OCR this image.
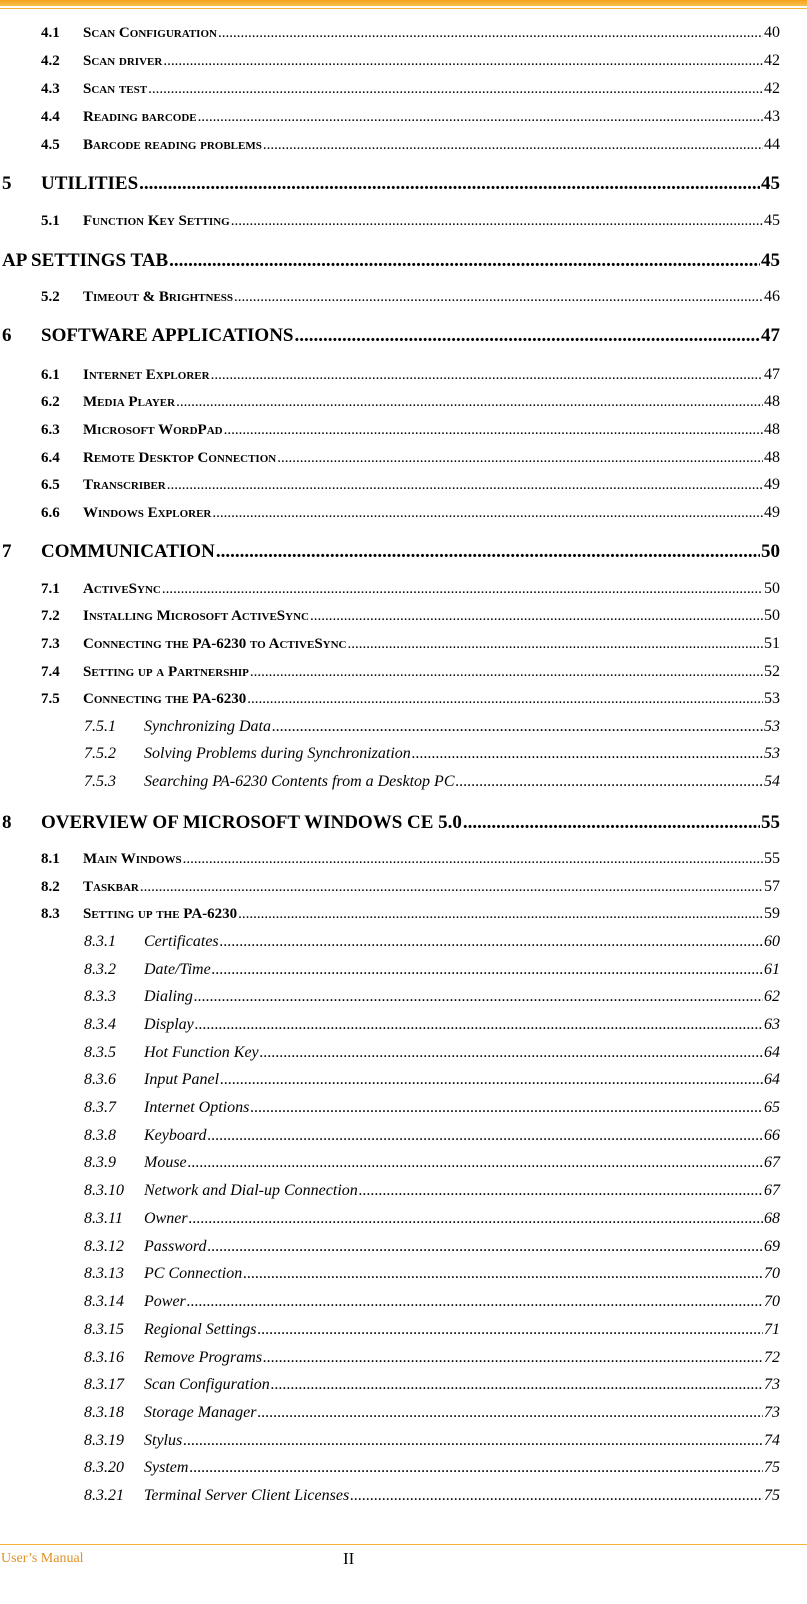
4.1	Scan Configuration .....	40
4.2	Scan driver .....	42
4.3	Scan test .....	42
4.4	Reading barcode .....	43
4.5	Barcode reading problems .....	44
5	UTILITIES .....	45
5.1	Function Key Setting .....	45
AP SETTINGS TAB .....	45
5.2	Timeout & Brightness .....	46
6	SOFTWARE APPLICATIONS .....	47
6.1	Internet Explorer .....	47
6.2	Media Player .....	48
6.3	Microsoft WordPad .....	48
6.4	Remote Desktop Connection .....	48
6.5	Transcriber .....	49
6.6	Windows Explorer .....	49
7	COMMUNICATION .....	50
7.1	ActiveSync .....	50
7.2	Installing Microsoft ActiveSync .....	50
7.3	Connecting the PA-6230 to ActiveSync .....	51
7.4	Setting up a Partnership .....	52
7.5	Connecting the PA-6230 .....	53
7.5.1	Synchronizing Data .....	53
7.5.2	Solving Problems during Synchronization .....	53
7.5.3	Searching PA-6230 Contents from a Desktop PC .....	54
8	OVERVIEW OF MICROSOFT WINDOWS CE 5.0 .....	55
8.1	Main Windows .....	55
8.2	Taskbar .....	57
8.3	Setting up the PA-6230 .....	59
8.3.1	Certificates .....	60
8.3.2	Date/Time .....	61
8.3.3	Dialing .....	62
8.3.4	Display .....	63
8.3.5	Hot Function Key .....	64
8.3.6	Input Panel .....	64
8.3.7	Internet Options .....	65
8.3.8	Keyboard .....	66
8.3.9	Mouse .....	67
8.3.10	Network and Dial-up Connection .....	67
8.3.11	Owner .....	68
8.3.12	Password .....	69
8.3.13	PC Connection .....	70
8.3.14	Power .....	70
8.3.15	Regional Settings .....	71
8.3.16	Remove Programs .....	72
8.3.17	Scan Configuration .....	73
8.3.18	Storage Manager .....	73
8.3.19	Stylus .....	74
8.3.20	System .....	75
8.3.21	Terminal Server Client Licenses .....	75
User’s Manual	II
